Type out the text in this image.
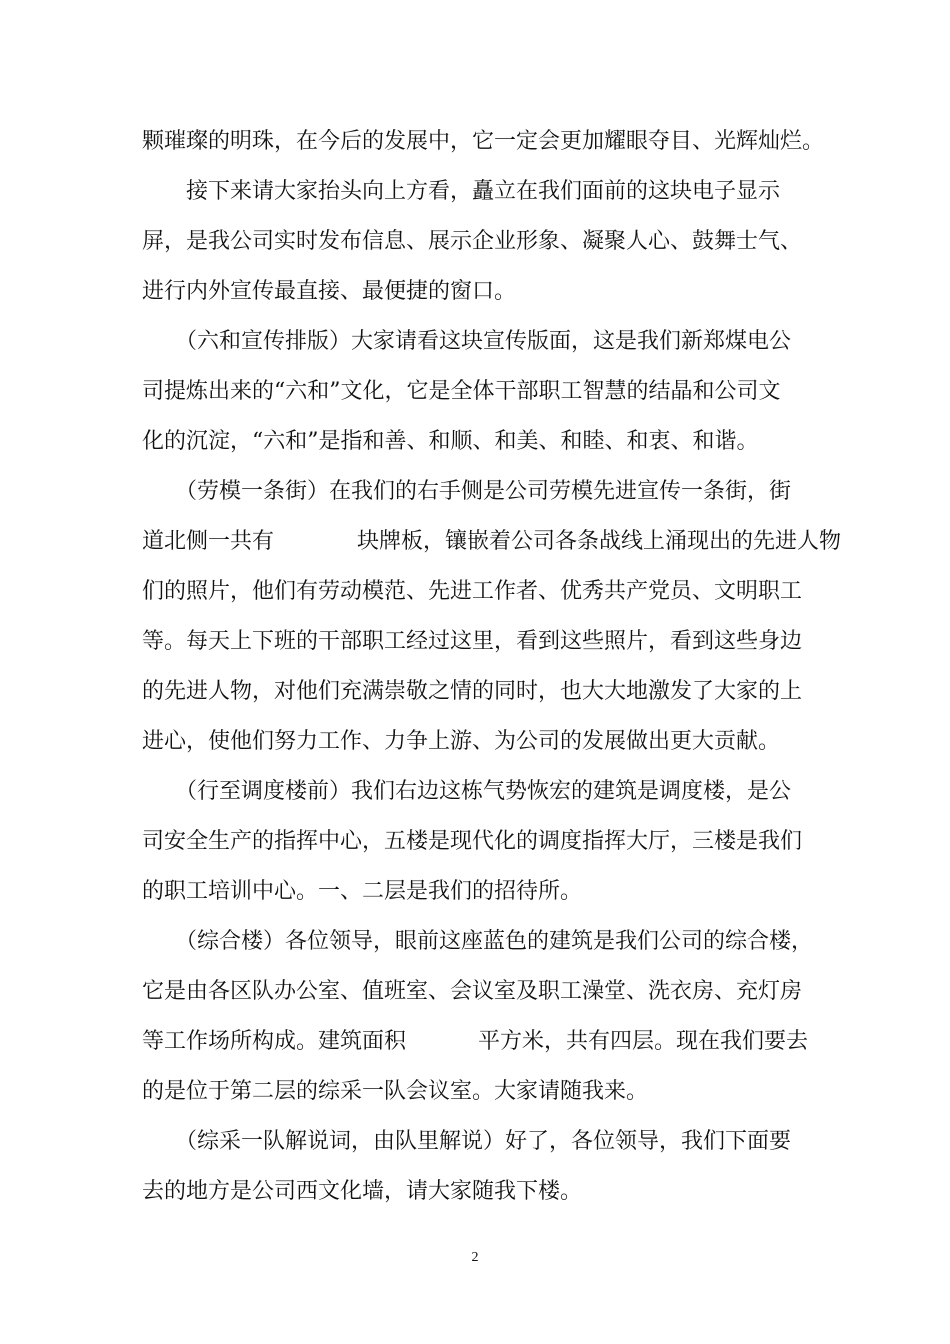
颗璀璨的明珠，在今后的发展中，它一定会更加耀眼夺目、光辉灿烂。
　　接下来请大家抬头向上方看，矗立在我们面前的这块电子显示
屏，是我公司实时发布信息、展示企业形象、凝聚人心、鼓舞士气、
进行内外宣传最直接、最便捷的窗口。
　　（六和宣传排版）大家请看这块宣传版面，这是我们新郑煤电公
司提炼出来的“六和”文化，它是全体干部职工智慧的结晶和公司文
化的沉淀，“六和”是指和善、和顺、和美、和睦、和衷、和谐。
　　（劳模一条街）在我们的右手侧是公司劳模先进宣传一条街，街

道北侧一共有

	块牌板，镶嵌着公司各条战线上涌现出的先进人物

们的照片，他们有劳动模范、先进工作者、优秀共产党员、文明职工
等。每天上下班的干部职工经过这里，看到这些照片，看到这些身边
的先进人物，对他们充满崇敬之情的同时，也大大地激发了大家的上
进心，使他们努力工作、力争上游、为公司的发展做出更大贡献。
　　（行至调度楼前）我们右边这栋气势恢宏的建筑是调度楼，是公
司安全生产的指挥中心，五楼是现代化的调度指挥大厅，三楼是我们
的职工培训中心。一、二层是我们的招待所。
　　（综合楼）各位领导，眼前这座蓝色的建筑是我们公司的综合楼，
它是由各区队办公室、值班室、会议室及职工澡堂、洗衣房、充灯房

等工作场所构成。建筑面积

	平方米，共有四层。现在我们要去

的是位于第二层的综采一队会议室。大家请随我来。
　　（综采一队解说词，由队里解说）好了，各位领导，我们下面要
去的地方是公司西文化墙，请大家随我下楼。
2
